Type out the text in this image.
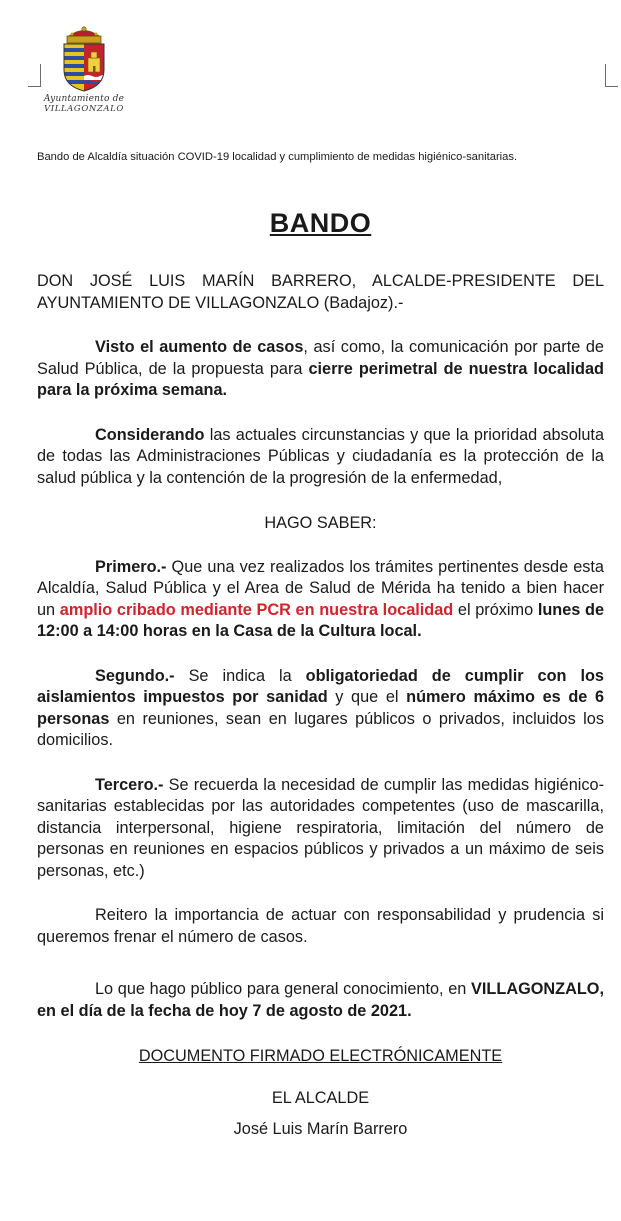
Ayuntamiento de
VILLAGONZALO

Bando de Alcaldía situación COVID-19 localidad y cumplimiento de medidas higiénico-sanitarias.

BANDO

DON JOSÉ LUIS MARÍN BARRERO, ALCALDE-PRESIDENTE DEL AYUNTAMIENTO DE VILLAGONZALO (Badajoz).-

Visto el aumento de casos, así como, la comunicación por parte de Salud Pública, de la propuesta para cierre perimetral de nuestra localidad para la próxima semana.

Considerando las actuales circunstancias y que la prioridad absoluta de todas las Administraciones Públicas y ciudadanía es la protección de la salud pública y la contención de la progresión de la enfermedad,

HAGO SABER:

Primero.- Que una vez realizados los trámites pertinentes desde esta Alcaldía, Salud Pública y el Area de Salud de Mérida ha tenido a bien hacer un amplio cribado mediante PCR en nuestra localidad el próximo lunes de 12:00 a 14:00 horas en la Casa de la Cultura local.

Segundo.- Se indica la obligatoriedad de cumplir con los aislamientos impuestos por sanidad y que el número máximo es de 6 personas en reuniones, sean en lugares públicos o privados, incluidos los domicilios.

Tercero.- Se recuerda la necesidad de cumplir las medidas higiénico-sanitarias establecidas por las autoridades competentes (uso de mascarilla, distancia interpersonal, higiene respiratoria, limitación del número de personas en reuniones en espacios públicos y privados a un máximo de seis personas, etc.)

Reitero la importancia de actuar con responsabilidad y prudencia si queremos frenar el número de casos.

Lo que hago público para general conocimiento, en VILLAGONZALO, en el día de la fecha de hoy 7 de agosto de 2021.

DOCUMENTO FIRMADO ELECTRÓNICAMENTE

EL ALCALDE

José Luis Marín Barrero
